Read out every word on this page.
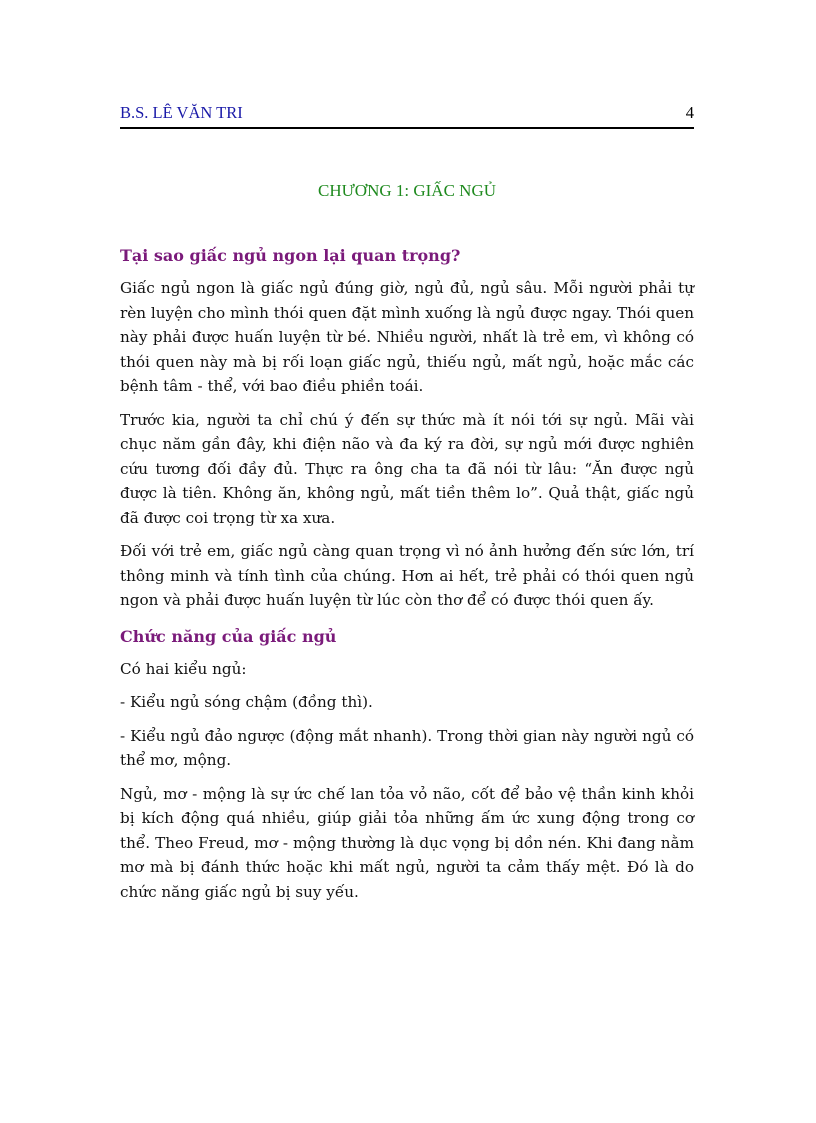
B.S. LÊ VĂN TRI	4
CHƯƠNG 1: GIẤC NGỦ
Tại sao giấc ngủ ngon lại quan trọng?

Giấc ngủ ngon là giấc ngủ đúng giờ, ngủ đủ, ngủ sâu. Mỗi người phải tự rèn luyện cho mình thói quen đặt mình xuống là ngủ được ngay. Thói quen này phải được huấn luyện từ bé. Nhiều người, nhất là trẻ em, vì không có thói quen này mà bị rối loạn giấc ngủ, thiếu ngủ, mất ngủ, hoặc mắc các bệnh tâm - thể, với bao điều phiền toái.

Trước kia, người ta chỉ chú ý đến sự thức mà ít nói tới sự ngủ. Mãi vài chục năm gần đây, khi điện não và đa ký ra đời, sự ngủ mới được nghiên cứu tương đối đầy đủ. Thực ra ông cha ta đã nói từ lâu: “Ăn được ngủ được là tiên. Không ăn, không ngủ, mất tiền thêm lo”. Quả thật, giấc ngủ đã được coi trọng từ xa xưa.

Đối với trẻ em, giấc ngủ càng quan trọng vì nó ảnh hưởng đến sức lớn, trí thông minh và tính tình của chúng. Hơn ai hết, trẻ phải có thói quen ngủ ngon và phải được huấn luyện từ lúc còn thơ để có được thói quen ấy.

Chức năng của giấc ngủ

Có hai kiểu ngủ:

- Kiểu ngủ sóng chậm (đồng thì).

- Kiểu ngủ đảo ngược (động mắt nhanh). Trong thời gian này người ngủ có thể mơ, mộng.

Ngủ, mơ - mộng là sự ức chế lan tỏa vỏ não, cốt để bảo vệ thần kinh khỏi bị kích động quá nhiều, giúp giải tỏa những ấm ức xung động trong cơ thể. Theo Freud, mơ - mộng thường là dục vọng bị dồn nén. Khi đang nằm mơ mà bị đánh thức hoặc khi mất ngủ, người ta cảm thấy mệt. Đó là do chức năng giấc ngủ bị suy yếu.
